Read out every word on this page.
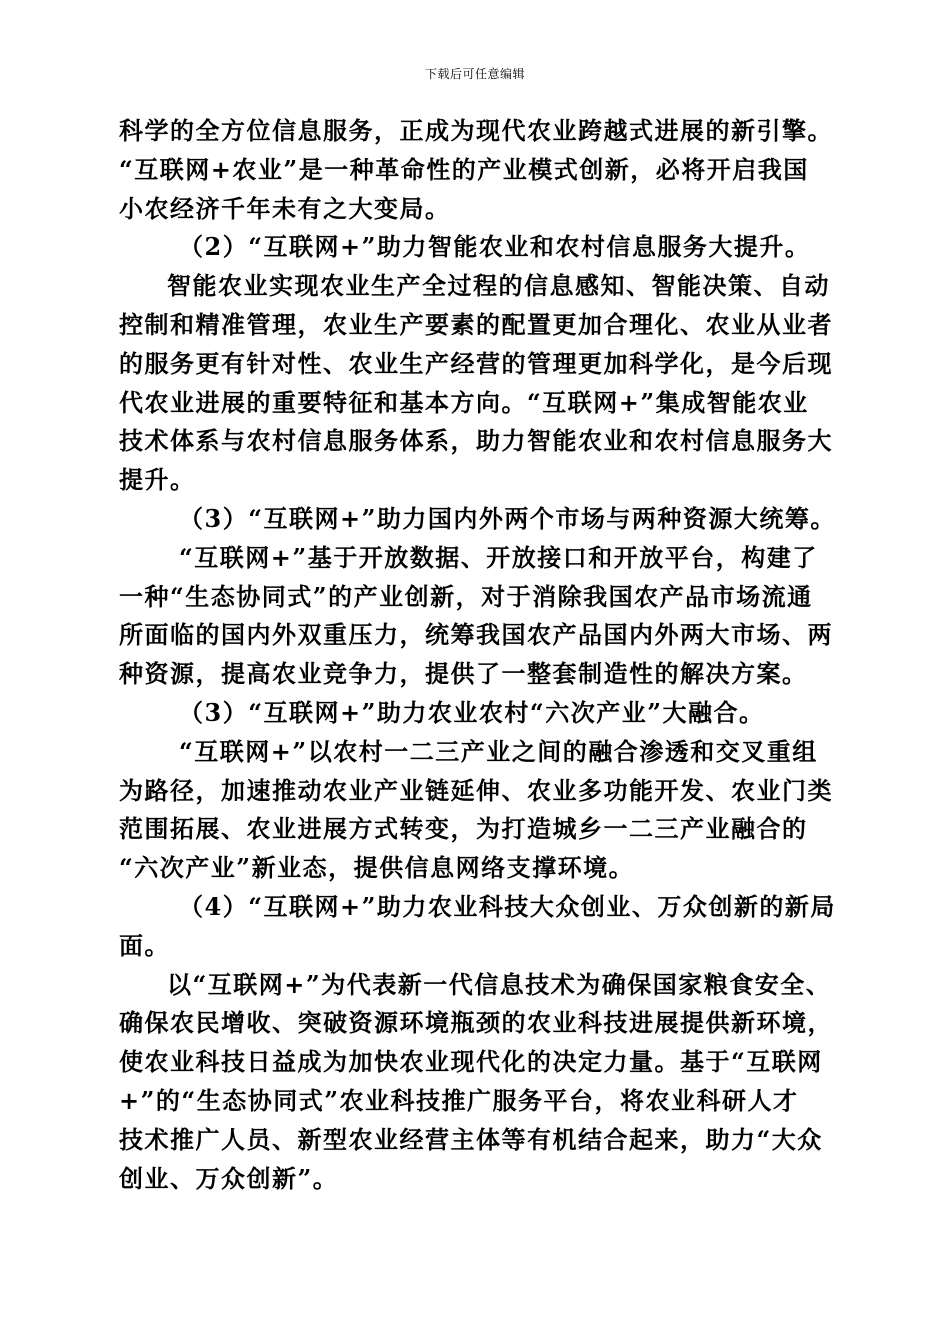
下载后可任意编辑
科学的全方位信息服务，正成为现代农业跨越式进展的新引擎。
“互联网+农业”是一种革命性的产业模式创新，必将开启我国
小农经济千年未有之大变局。
（2）“互联网+”助力智能农业和农村信息服务大提升。
智能农业实现农业生产全过程的信息感知、智能决策、自动
控制和精准管理，农业生产要素的配置更加合理化、农业从业者
的服务更有针对性、农业生产经营的管理更加科学化，是今后现
代农业进展的重要特征和基本方向。“互联网+”集成智能农业
技术体系与农村信息服务体系，助力智能农业和农村信息服务大
提升。
（3）“互联网+”助力国内外两个市场与两种资源大统筹。
“互联网+”基于开放数据、开放接口和开放平台，构建了
一种“生态协同式”的产业创新，对于消除我国农产品市场流通
所面临的国内外双重压力，统筹我国农产品国内外两大市场、两
种资源，提高农业竞争力，提供了一整套制造性的解决方案。
（3）“互联网+”助力农业农村“六次产业”大融合。
“互联网+”以农村一二三产业之间的融合渗透和交叉重组
为路径，加速推动农业产业链延伸、农业多功能开发、农业门类
范围拓展、农业进展方式转变，为打造城乡一二三产业融合的
“六次产业”新业态，提供信息网络支撑环境。
（4）“互联网+”助力农业科技大众创业、万众创新的新局
面。
以“互联网+”为代表新一代信息技术为确保国家粮食安全、
确保农民增收、突破资源环境瓶颈的农业科技进展提供新环境，
使农业科技日益成为加快农业现代化的决定力量。基于“互联网
+”的“生态协同式”农业科技推广服务平台，将农业科研人才
技术推广人员、新型农业经营主体等有机结合起来，助力“大众
创业、万众创新”。
